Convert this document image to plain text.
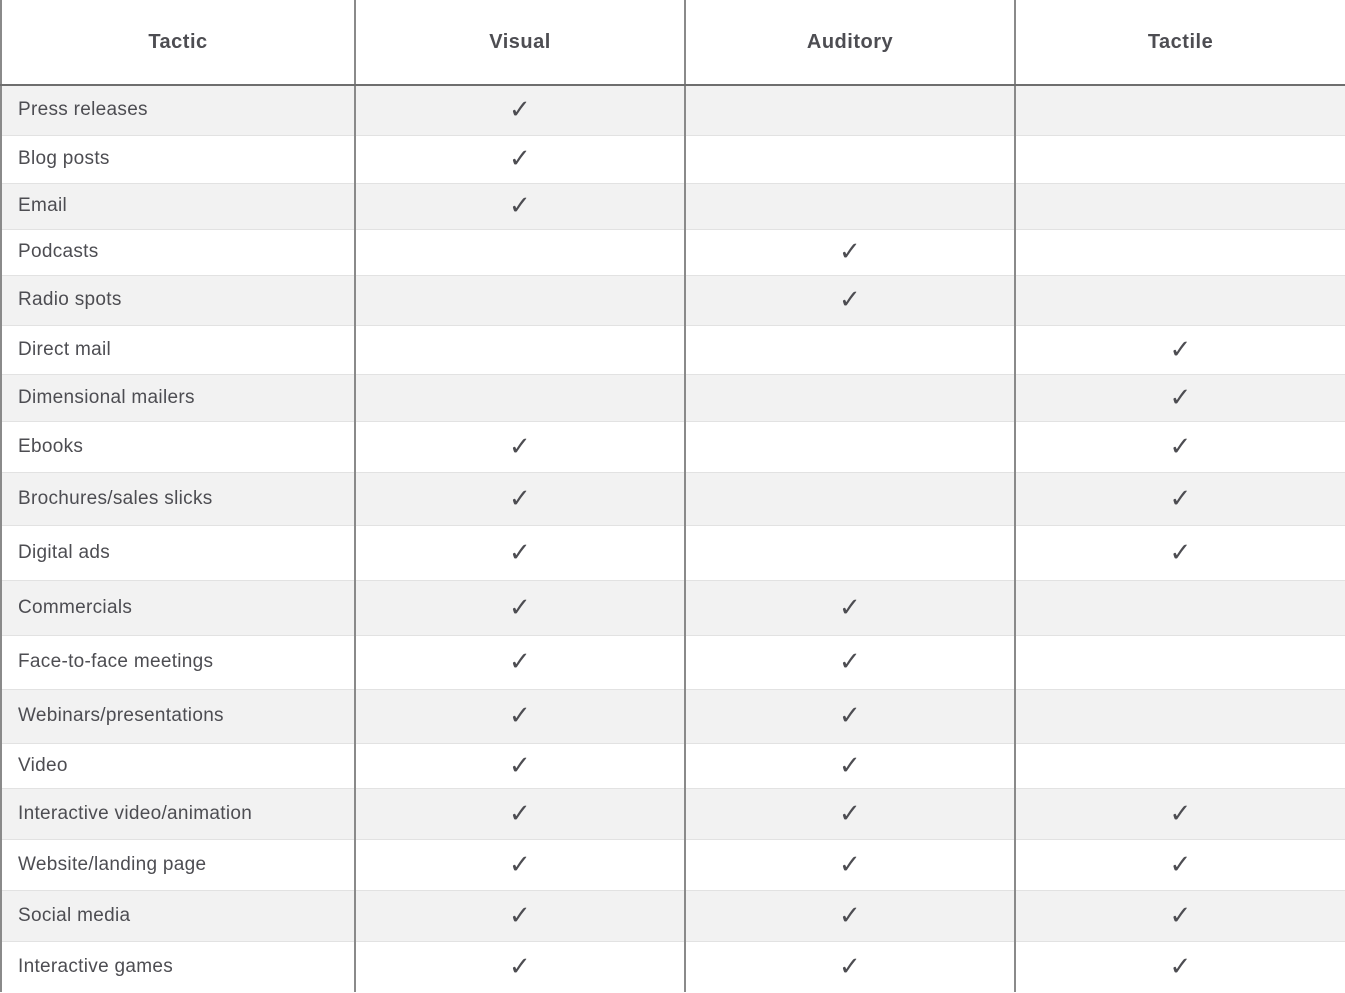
Tactic	Visual	Auditory	Tactile
Press releases	✓		
Blog posts	✓		
Email	✓		
Podcasts		✓	
Radio spots		✓	
Direct mail			✓
Dimensional mailers			✓
Ebooks	✓		✓
Brochures/sales slicks	✓		✓
Digital ads	✓		✓
Commercials	✓	✓	
Face-to-face meetings	✓	✓	
Webinars/presentations	✓	✓	
Video	✓	✓	
Interactive video/animation	✓	✓	✓
Website/landing page	✓	✓	✓
Social media	✓	✓	✓
Interactive games	✓	✓	✓
